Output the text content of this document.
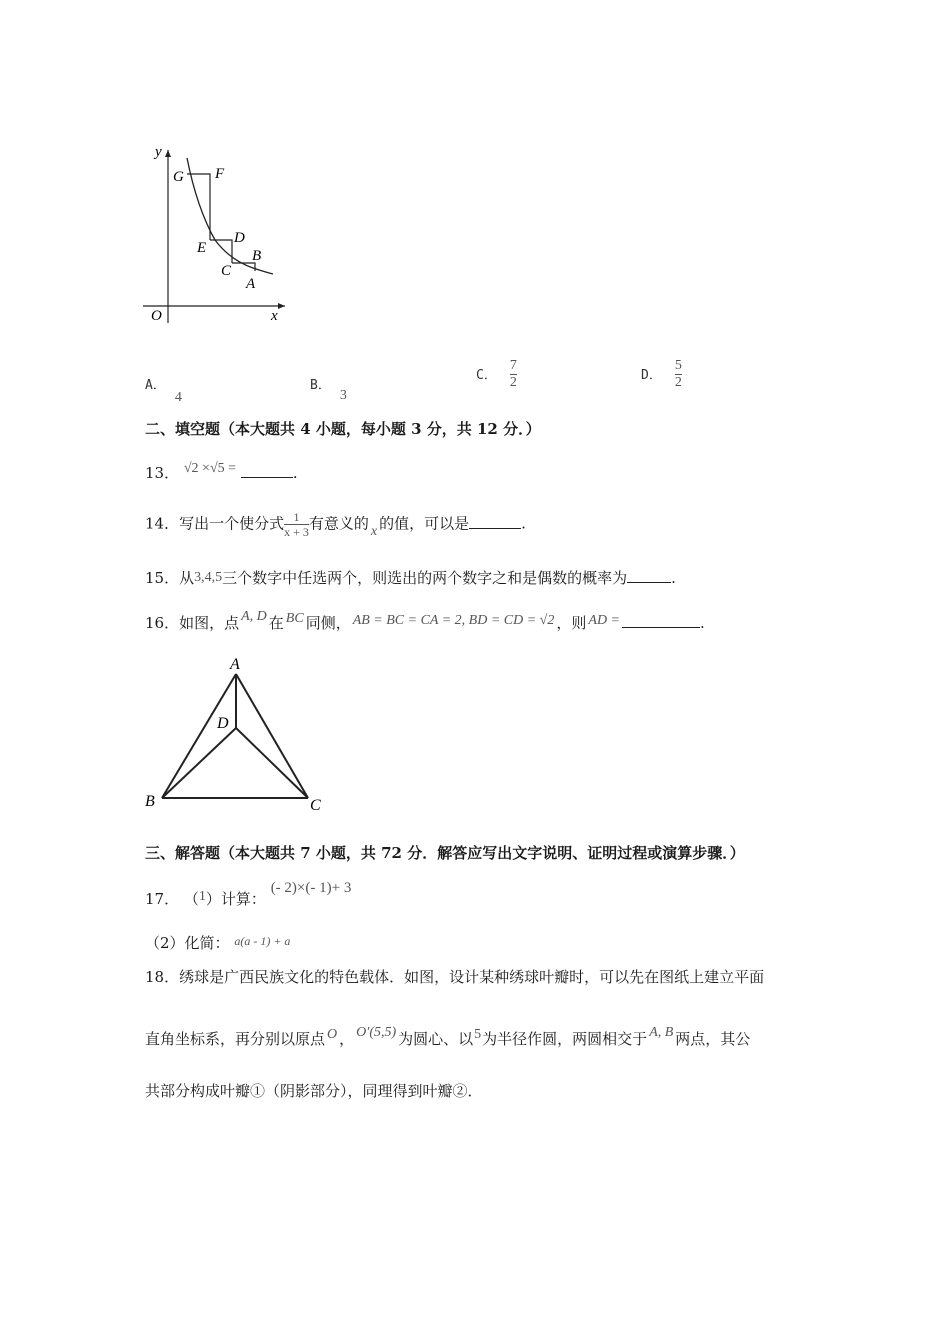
y
x
O
G F
E
D
C
B
A
A． 4
B． 3
C． $\frac{7}{2}$	D． $\frac{5}{2}$
二、填空题（本大题共 4 小题，每小题 3 分，共 12 分．）
13． √2 ×√5 =	.
14．写出一个使分式 $\frac{1}{x + 3}$ 有意义的 x 的值，可以是	.
15．从3,4,5三个数字中任选两个，则选出的两个数字之和是偶数的概率为	.
16．如图，点 A, D 在 BC 同侧， AB = BC = CA = 2, BD = CD = √2 ，则 AD =	.
A
B	C
D
三、解答题（本大题共 7 小题，共 72 分．解答应写出文字说明、证明过程或演算步骤．）
17． （1）计算： (- 2)×(- 1)+ 3
（2）化简： $^{a(a - 1) + a}$
18．绣球是广西民族文化的特色载体．如图，设计某种绣球叶瓣时，可以先在图纸上建立平面
直角坐标系，再分别以原点 O ， O′(5,5) 为圆心、以5为半径作圆，两圆相交于 A, B 两点，其公
共部分构成叶瓣①（阴影部分），同理得到叶瓣②．
